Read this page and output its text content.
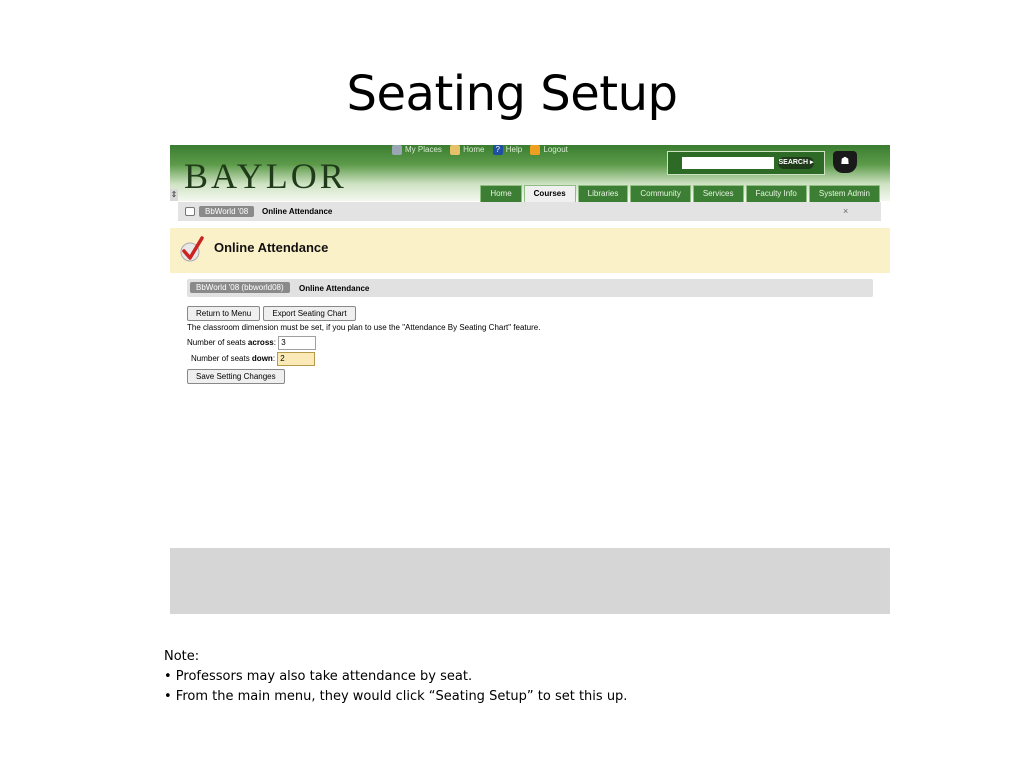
Seating Setup
BAYLOR
My Places	Home ? Help	Logout
SEARCH ▸	☗
⇕	Home	Courses	Libraries	Community	Services	Faculty Info	System Admin
BbWorld '08	Online Attendance	×
Online Attendance
BbWorld '08 (bbworld08)	Online Attendance
Return to Menu	Export Seating Chart
The classroom dimension must be set, if you plan to use the "Attendance By Seating Chart" feature.
Number of seats across: 3
Number of seats down: 2
Save Setting Changes
Note:
• Professors may also take attendance by seat.
• From the main menu, they would click “Seating Setup” to set this up.
